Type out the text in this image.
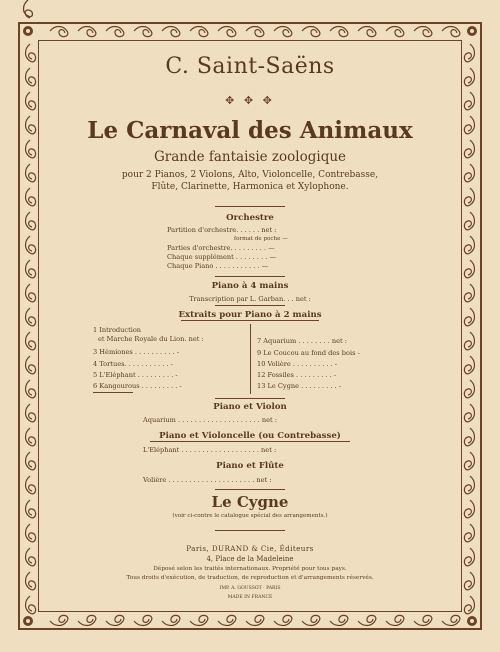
C. Saint-Saëns
✥ ✥ ✥
Le Carnaval des Animaux
Grande fantaisie zoologique
pour 2 Pianos, 2 Violons, Alto, Violoncelle, Contrebasse,
Flûte, Clarinette, Harmonica et Xylophone.
Orchestre
Partition d'orchestre. . . . . . net :
format de poche —
Parties d'orchestre. . . . . . . . . —
Chaque supplément . . . . . . . . —
Chaque Piano . . . . . . . . . . . —
Piano à 4 mains
Transcription par L. Garban. . . net :
Extraits pour Piano à 2 mains
1 Introduction
et Marche Royale du Lion. net :
3 Hémiones . . . . . . . . . . -
4 Tortues. . . . . . . . . . . -
5 L'Eléphant . . . . . . . . . -
6 Kangourous . . . . . . . . . -
7 Aquarium . . . . . . . . net :
9 Le Coucou au fond des bois -
10 Volière . . . . . . . . . . -
12 Fossiles . . . . . . . . . -
13 Le Cygne . . . . . . . . . -
Piano et Violon
Aquarium . . . . . . . . . . . . . . . . . . . . net :
Piano et Violoncelle (ou Contrebasse)
L'Eléphant . . . . . . . . . . . . . . . . . . . net :
Piano et Flûte
Volière . . . . . . . . . . . . . . . . . . . . . net :
Le Cygne
(voir ci-contre le catalogue spécial des arrangements.)
Paris, DURAND & Cie, Éditeurs
4, Place de la Madeleine
Déposé selon les traités internationaux. Propriété pour tous pays.
Tous droits d'exécution, de traduction, de reproduction et d'arrangements réservés.
IMP. A. GOUSSOT · PARIS
MADE IN FRANCE
